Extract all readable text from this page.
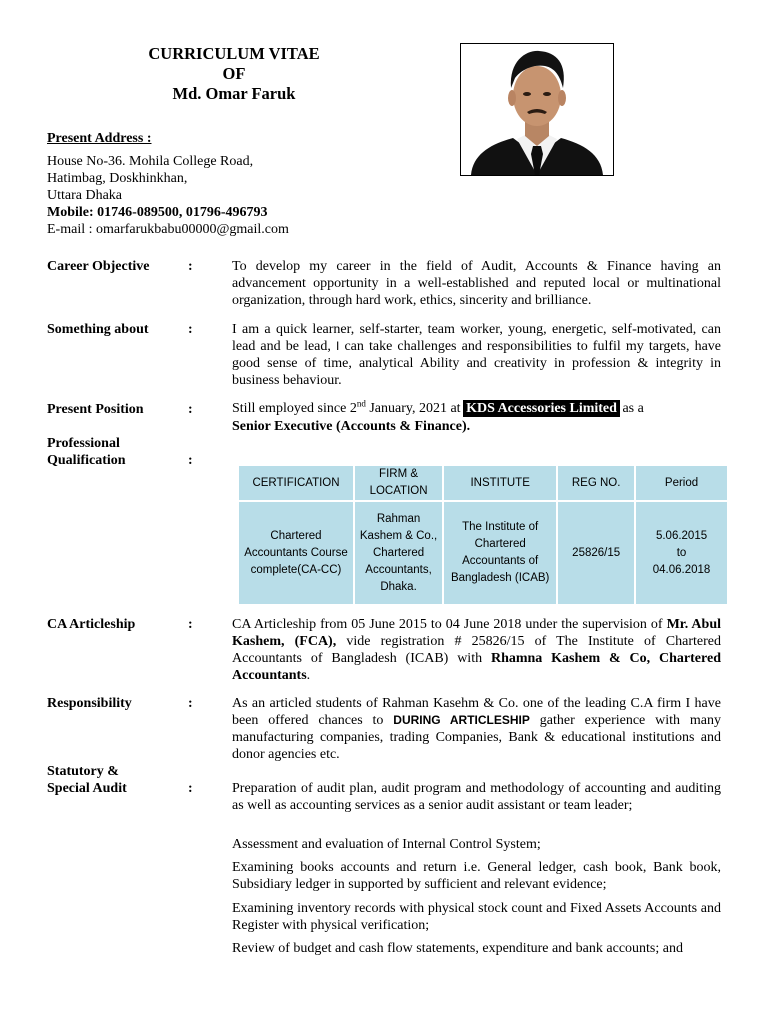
CURRICULUM VITAE
OF
Md. Omar Faruk
Present Address :
House No-36. Mohila College Road,
Hatimbag, Doskhinkhan,
Uttara Dhaka
Mobile: 01746-089500, 01796-496793
E-mail : omarfarukbabu00000@gmail.com
Career Objective	:	To develop my career in the field of Audit, Accounts & Finance having an advancement opportunity in a well-established and reputed local or multinational organization, through hard work, ethics, sincerity and brilliance.
Something about	:	I am a quick learner, self-starter, team worker, young, energetic, self-motivated, can lead and be lead, I can take challenges and responsibilities to fulfil my targets, have good sense of time, analytical Ability and creativity in profession & integrity in business behaviour.
Present Position	:	Still employed since 2nd January, 2021 at KDS Accessories Limited as a
Senior Executive (Accounts & Finance).
Professional
Qualification	:
CERTIFICATION	FIRM & LOCATION	INSTITUTE	REG NO.	Period
Chartered Accountants Course complete(CA-CC)	Rahman Kashem & Co., Chartered Accountants, Dhaka.	The Institute of Chartered Accountants of Bangladesh (ICAB)	25826/15	5.06.2015
to
04.06.2018
CA Articleship	:	CA Articleship from 05 June 2015 to 04 June 2018 under the supervision of Mr. Abul Kashem, (FCA), vide registration # 25826/15 of The Institute of Chartered Accountants of Bangladesh (ICAB) with Rhamna Kashem & Co, Chartered Accountants.
Responsibility	:	As an articled students of Rahman Kasehm & Co. one of the leading C.A firm I have been offered chances to DURING ARTICLESHIP gather experience with many manufacturing companies, trading Companies, Bank & educational institutions and donor agencies etc.
Statutory &
Special Audit	:	Preparation of audit plan, audit program and methodology of accounting and auditing as well as accounting services as a senior audit assistant or team leader;
Assessment and evaluation of Internal Control System;
Examining books accounts and return i.e. General ledger, cash book, Bank book, Subsidiary ledger in supported by sufficient and relevant evidence;
Examining inventory records with physical stock count and Fixed Assets Accounts and Register with physical verification;
Review of budget and cash flow statements, expenditure and bank accounts; and
